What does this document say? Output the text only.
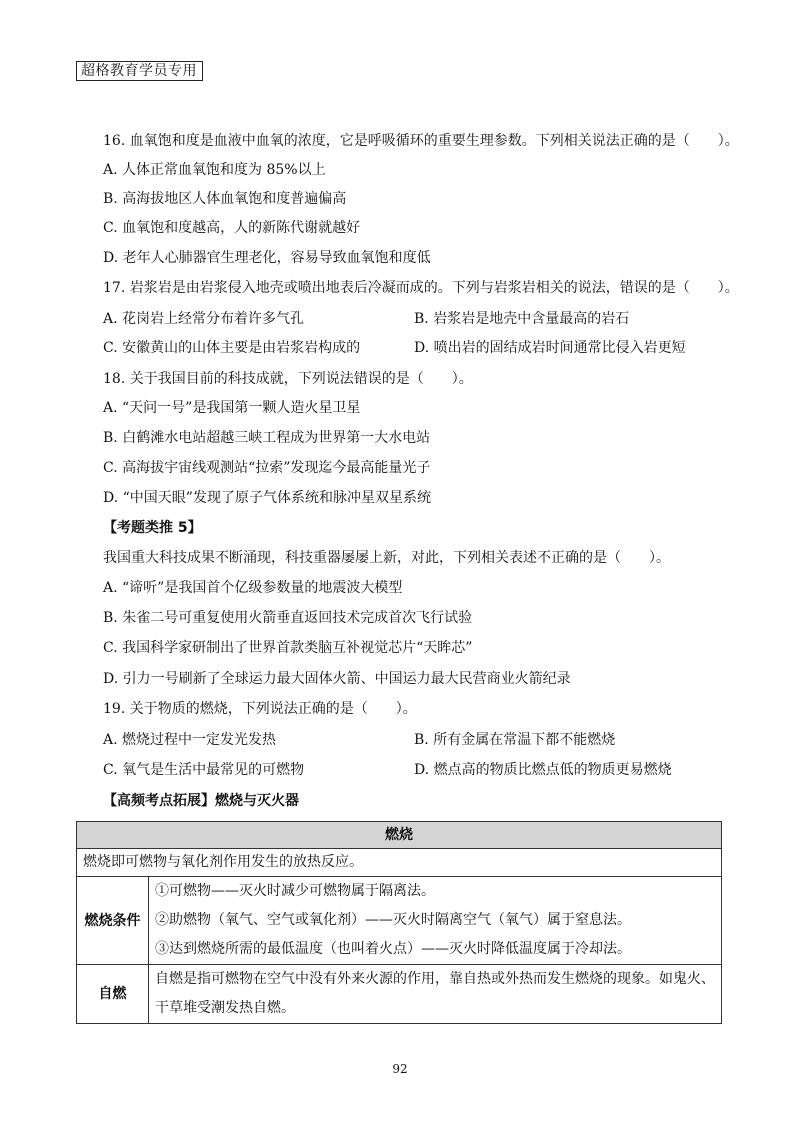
超格教育学员专用
16. 血氧饱和度是血液中血氧的浓度，它是呼吸循环的重要生理参数。下列相关说法正确的是（　　）。
A. 人体正常血氧饱和度为 85%以上
B. 高海拔地区人体血氧饱和度普遍偏高
C. 血氧饱和度越高，人的新陈代谢就越好
D. 老年人心肺器官生理老化，容易导致血氧饱和度低
17. 岩浆岩是由岩浆侵入地壳或喷出地表后冷凝而成的。下列与岩浆岩相关的说法，错误的是（　　）。
A. 花岗岩上经常分布着许多气孔	B. 岩浆岩是地壳中含量最高的岩石
C. 安徽黄山的山体主要是由岩浆岩构成的	D. 喷出岩的固结成岩时间通常比侵入岩更短
18. 关于我国目前的科技成就，下列说法错误的是（　　）。
A. “天问一号”是我国第一颗人造火星卫星
B. 白鹤滩水电站超越三峡工程成为世界第一大水电站
C. 高海拔宇宙线观测站“拉索”发现迄今最高能量光子
D. “中国天眼”发现了原子气体系统和脉冲星双星系统
【考题类推 5】
我国重大科技成果不断涌现，科技重器屡屡上新，对此，下列相关表述不正确的是（　　）。
A. “谛听”是我国首个亿级参数量的地震波大模型
B. 朱雀二号可重复使用火箭垂直返回技术完成首次飞行试验
C. 我国科学家研制出了世界首款类脑互补视觉芯片“天眸芯”
D. 引力一号刷新了全球运力最大固体火箭、中国运力最大民营商业火箭纪录
19. 关于物质的燃烧，下列说法正确的是（　　）。
A. 燃烧过程中一定发光发热	B. 所有金属在常温下都不能燃烧
C. 氧气是生活中最常见的可燃物	D. 燃点高的物质比燃点低的物质更易燃烧
【高频考点拓展】燃烧与灭火器
燃烧	
燃烧即可燃物与氧化剂作用发生的放热反应。	
燃烧条件	①可燃物——灭火时减少可燃物属于隔离法。
②助燃物（氧气、空气或氧化剂）——灭火时隔离空气（氧气）属于窒息法。
③达到燃烧所需的最低温度（也叫着火点）——灭火时降低温度属于冷却法。

自燃	自燃是指可燃物在空气中没有外来火源的作用，靠自热或外热而发生燃烧的现象。如鬼火、
干草堆受潮发热自燃。
92
